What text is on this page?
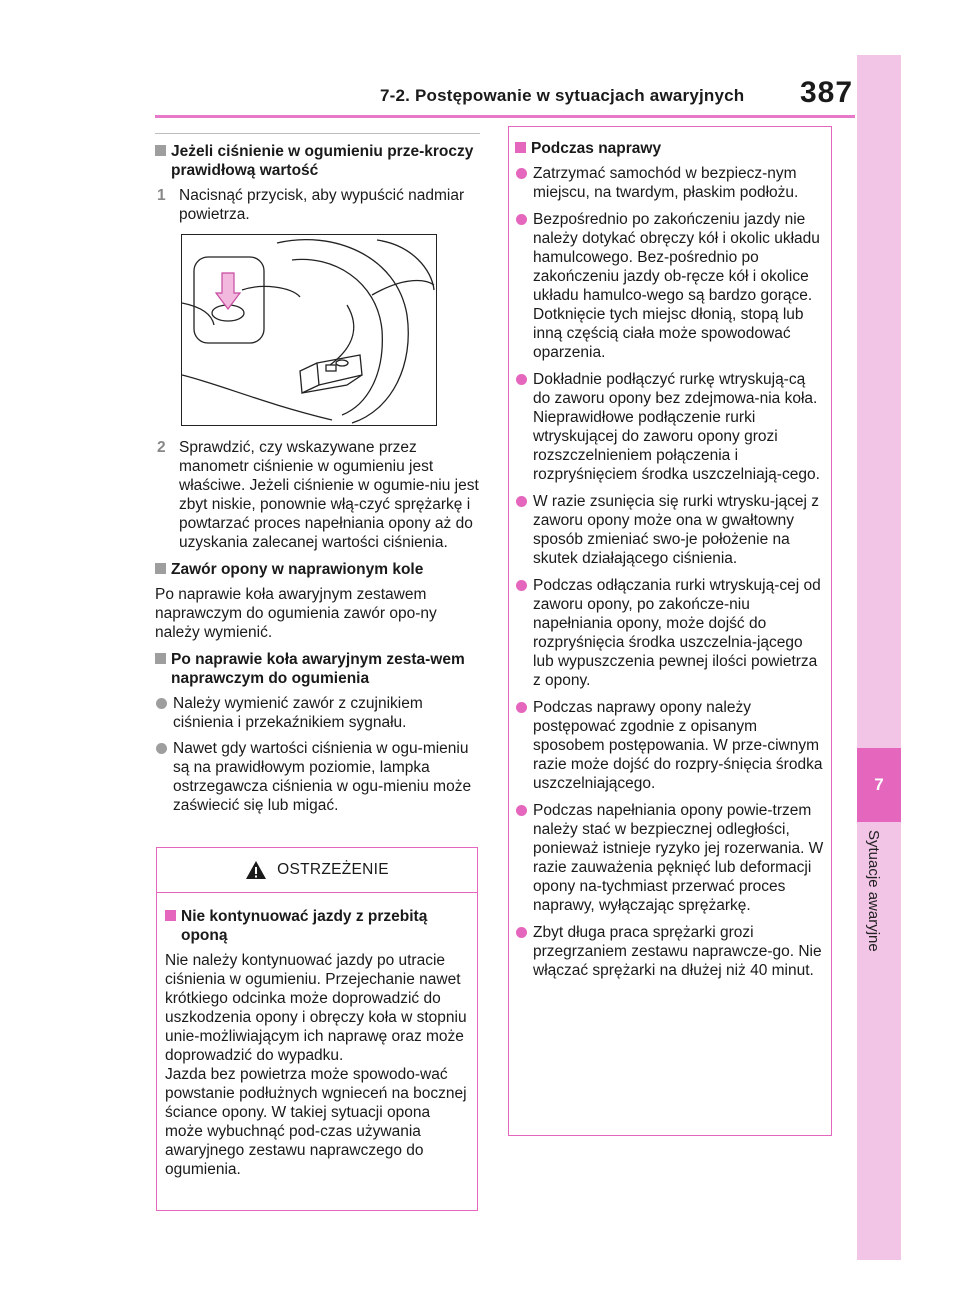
7
Sytuacje awaryjne
7-2. Postępowanie w sytuacjach awaryjnych 387
Jeżeli ciśnienie w ogumieniu prze-kroczy prawidłową wartość
1 Nacisnąć przycisk, aby wypuścić nadmiar powietrza.
2 Sprawdzić, czy wskazywane przez manometr ciśnienie w ogumieniu jest właściwe. Jeżeli ciśnienie w ogumie-niu jest zbyt niskie, ponownie włą-czyć sprężarkę i powtarzać proces napełniania opony aż do uzyskania zalecanej wartości ciśnienia.
Zawór opony w naprawionym kole
Po naprawie koła awaryjnym zestawem naprawczym do ogumienia zawór opo-ny należy wymienić.
Po naprawie koła awaryjnym zesta-wem naprawczym do ogumienia
Należy wymienić zawór z czujnikiem ciśnienia i przekaźnikiem sygnału.
Nawet gdy wartości ciśnienia w ogu-mieniu są na prawidłowym poziomie, lampka ostrzegawcza ciśnienia w ogu-mieniu może zaświecić się lub migać.
OSTRZEŻENIE
Nie kontynuować jazdy z przebitą oponą
Nie należy kontynuować jazdy po utracie ciśnienia w ogumieniu. Przejechanie nawet krótkiego odcinka może doprowadzić do uszkodzenia opony i obręczy koła w stopniu unie-możliwiającym ich naprawę oraz może doprowadzić do wypadku.
Jazda bez powietrza może spowodo-wać powstanie podłużnych wgnieceń na bocznej ściance opony. W takiej sytuacji opona może wybuchnąć pod-czas używania awaryjnego zestawu naprawczego do ogumienia.
Podczas naprawy
Zatrzymać samochód w bezpiecz-nym miejscu, na twardym, płaskim podłożu.
Bezpośrednio po zakończeniu jazdy nie należy dotykać obręczy kół i okolic układu hamulcowego. Bez-pośrednio po zakończeniu jazdy ob-ręcze kół i okolice układu hamulco-wego są bardzo gorące. Dotknięcie tych miejsc dłonią, stopą lub inną częścią ciała może spowodować oparzenia.
Dokładnie podłączyć rurkę wtryskują-cą do zaworu opony bez zdejmowa-nia koła. Nieprawidłowe podłączenie rurki wtryskującej do zaworu opony grozi rozszczelnieniem połączenia i rozpryśnięciem środka uszczelniają-cego.
W razie zsunięcia się rurki wtrysku-jącej z zaworu opony może ona w gwałtowny sposób zmieniać swo-je położenie na skutek działającego ciśnienia.
Podczas odłączania rurki wtryskują-cej od zaworu opony, po zakończe-niu napełniania opony, może dojść do rozpryśnięcia środka uszczelnia-jącego lub wypuszczenia pewnej ilości powietrza z opony.
Podczas naprawy opony należy postępować zgodnie z opisanym sposobem postępowania. W prze-ciwnym razie może dojść do rozpry-śnięcia środka uszczelniającego.
Podczas napełniania opony powie-trzem należy stać w bezpiecznej odległości, ponieważ istnieje ryzyko jej rozerwania. W razie zauważenia pęknięć lub deformacji opony na-tychmiast przerwać proces naprawy, wyłączając sprężarkę.
Zbyt długa praca sprężarki grozi przegrzaniem zestawu naprawcze-go. Nie włączać sprężarki na dłużej niż 40 minut.
